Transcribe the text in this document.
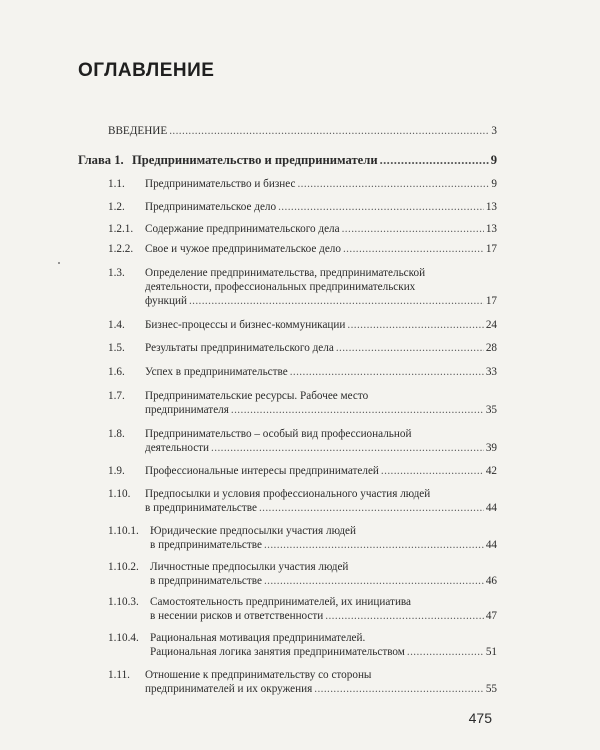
ОГЛАВЛЕНИЕ
ВВЕДЕНИЕ .....	3
Глава 1. Предпринимательство и предприниматели .....	9
1.1.	Предпринимательство и бизнес .....	9
1.2.	Предпринимательское дело .....	13
1.2.1.	Содержание предпринимательского дела .....	13
1.2.2.	Свое и чужое предпринимательское дело .....	17
1.3.	Определение предпринимательства, предпринимательской
деятельности, профессиональных предпринимательских
функций .....	17
1.4.	Бизнес-процессы и бизнес-коммуникации .....	24
1.5.	Результаты предпринимательского дела .....	28
1.6.	Успех в предпринимательстве .....	33
1.7.	Предпринимательские ресурсы. Рабочее место
предпринимателя .....	35
1.8.	Предпринимательство – особый вид профессиональной
деятельности .....	39
1.9.	Профессиональные интересы предпринимателей .....	42
1.10.	Предпосылки и условия профессионального участия людей
в предпринимательстве .....	44
1.10.1.	Юридические предпосылки участия людей
в предпринимательстве .....	44
1.10.2.	Личностные предпосылки участия людей
в предпринимательстве .....	46
1.10.3.	Самостоятельность предпринимателей, их инициатива
в несении рисков и ответственности .....	47
1.10.4.	Рациональная мотивация предпринимателей.
Рациональная логика занятия предпринимательством .....	51
1.11.	Отношение к предпринимательству со стороны
предпринимателей и их окружения .....	55
475
